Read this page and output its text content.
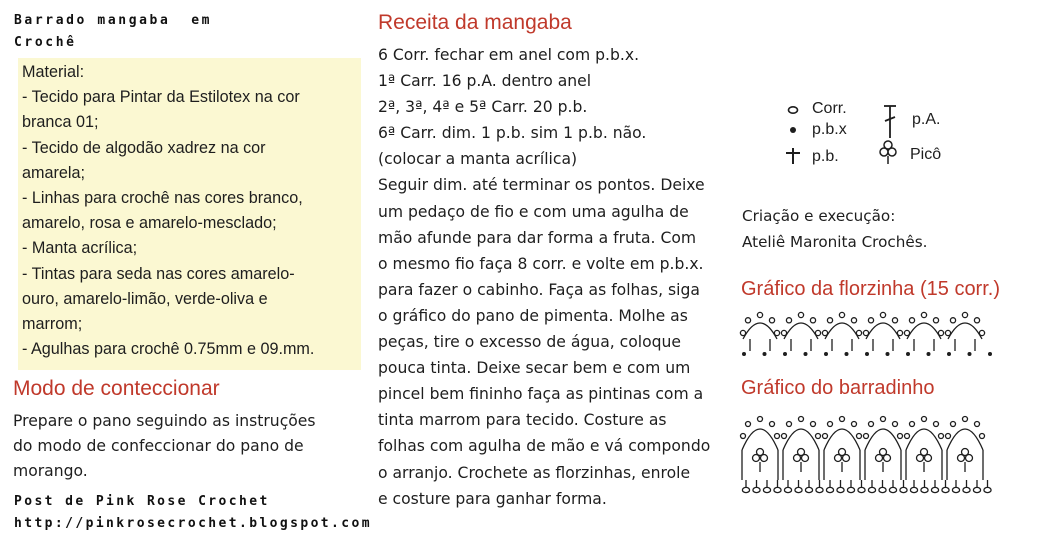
Barrado mangaba  em
Crochê
Material:
- Tecido para Pintar da Estilotex na cor
branca 01;
- Tecido de algodão xadrez na cor
amarela;
- Linhas para crochê nas cores branco,
amarelo, rosa e amarelo-mesclado;
- Manta acrílica;
- Tintas para seda nas cores amarelo-
ouro, amarelo-limão, verde-oliva e
marrom;
- Agulhas para crochê 0.75mm e 09.mm.
Modo de conteccionar
Prepare o pano seguindo as instruções
do modo de confeccionar do pano de
morango.
Post de Pink Rose Crochet
http://pinkrosecrochet.blogspot.com
Receita da mangaba
6 Corr. fechar em anel com p.b.x.
1ª Carr. 16 p.A. dentro anel
2ª, 3ª, 4ª e 5ª Carr. 20 p.b.
6ª Carr. dim. 1 p.b. sim 1 p.b. não.
(colocar a manta acrílica)
Seguir dim. até terminar os pontos. Deixe
um pedaço de fio e com uma agulha de
mão afunde para dar forma a fruta. Com
o mesmo fio faça 8 corr. e volte em p.b.x.
para fazer o cabinho. Faça as folhas, siga
o gráfico do pano de pimenta. Molhe as
peças, tire o excesso de água, coloque
pouca tinta. Deixe secar bem e com um
pincel bem fininho faça as pintinas com a
tinta marrom para tecido. Costure as
folhas com agulha de mão e vá compondo
o arranjo. Crochete as florzinhas, enrole
e costure para ganhar forma.
Corr.
p.b.x
p.b.
p.A.
Picô
Criação e execução:
Ateliê Maronita Crochês.
Gráfico da florzinha (15 corr.)
Gráfico do barradinho
